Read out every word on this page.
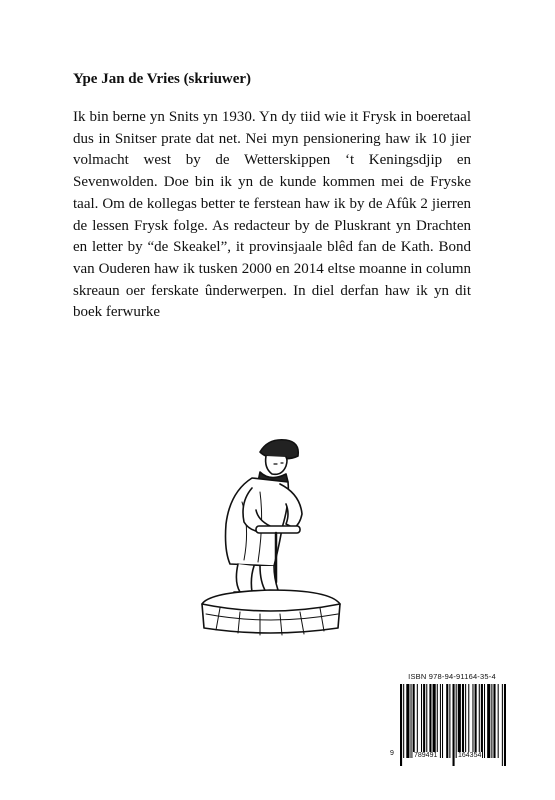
Ype Jan de Vries (skriuwer)

Ik bin berne yn Snits yn 1930. Yn dy tiid wie it Frysk in boeretaal dus in Snitser prate dat net. Nei myn pensionering haw ik 10 jier volmacht west by de Wetterskippen ‘t Keningsdjip en Sevenwolden. Doe bin ik yn de kunde kommen mei de Fryske taal. Om de kollegas better te ferstean haw ik by de Afûk 2 jierren de lessen Frysk folge. As redacteur by de Pluskrant yn Drachten en letter by “de Skeakel”, it provinsjaale blêd fan de Kath. Bond van Ouderen haw ik tusken 2000 en 2014 eltse moanne in column skreaun oer ferskate ûnderwerpen. In diel derfan haw ik yn dit boek ferwurke

ISBN 978-94-91164-35-4
9	789491	164354
